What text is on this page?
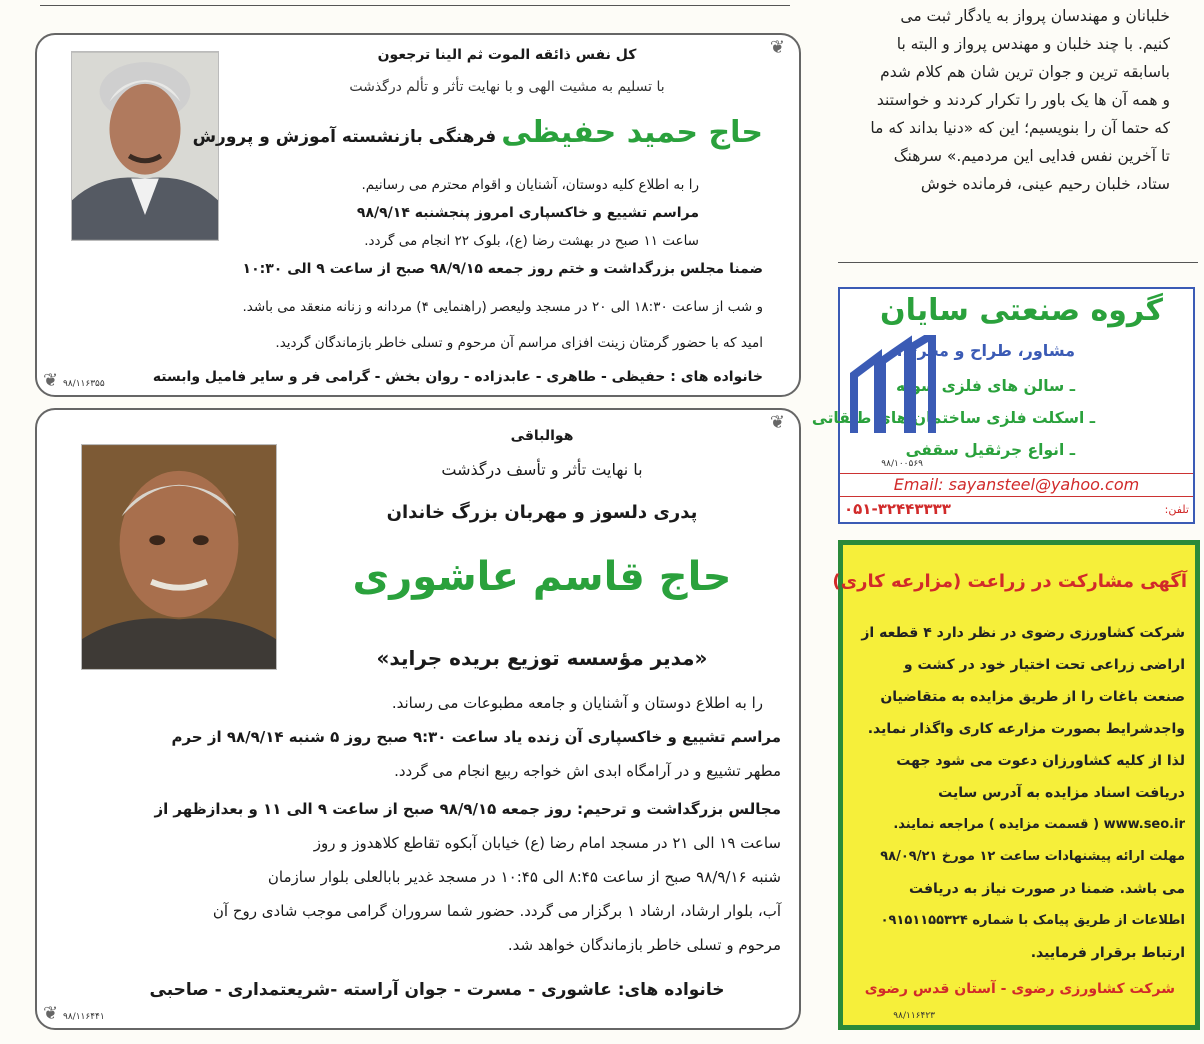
خلبانان و مهندسان پرواز به یادگار ثبت می

کنیم. با چند خلبان و مهندس پرواز و البته با

باسابقه ترین و جوان ترین شان هم کلام شدم

و همه آن ها یک باور را تکرار کردند و خواستند

که حتما آن را بنویسیم؛ این که «دنیا بداند که ما

تا آخرین نفس فدایی این مردمیم.» سرهنگ

ستاد، خلبان رحیم عینی، فرمانده خوش

❦
❦
کل نفس ذائقه الموت ثم الینا ترجعون
با تسلیم به مشیت الهی و با نهایت تأثر و تألم درگذشت
حاج حمید حفیظی فرهنگی بازنشسته آموزش و پرورش
را به اطلاع کلیه دوستان، آشنایان و اقوام محترم می رسانیم.
مراسم تشییع و خاکسپاری امروز پنجشنبه ۹۸/۹/۱۴
ساعت ۱۱ صبح در بهشت رضا (ع)، بلوک ۲۲ انجام می گردد.
ضمنا مجلس بزرگداشت و ختم روز جمعه ۹۸/۹/۱۵ صبح از ساعت ۹ الی ۱۰:۳۰
و شب از ساعت ۱۸:۳۰ الی ۲۰ در مسجد ولیعصر (راهنمایی ۴) مردانه و زنانه منعقد می باشد.
امید که با حضور گرمتان زینت افزای مراسم آن مرحوم و تسلی خاطر بازماندگان گردید.
خانواده های : حفیظی - طاهری - عابدزاده - روان بخش - گرامی فر و سایر فامیل وابسته
۹۸/۱۱۶۳۵۵
❦
❦
هوالباقی
با نهایت تأثر و تأسف درگذشت
پدری دلسوز و مهربان بزرگ خاندان
حاج قاسم عاشوری
«مدیر مؤسسه توزیع بریده جراید»
را به اطلاع دوستان و آشنایان و جامعه مطبوعات می رساند.
مراسم تشییع و خاکسپاری آن زنده یاد ساعت ۹:۳۰ صبح روز ۵ شنبه ۹۸/۹/۱۴ از حرم
مطهر تشییع و در آرامگاه ابدی اش خواجه ربیع انجام می گردد.
مجالس بزرگداشت و ترحیم: روز جمعه ۹۸/۹/۱۵ صبح از ساعت ۹ الی ۱۱ و بعدازظهر از
ساعت ۱۹ الی ۲۱ در مسجد امام رضا (ع) خیابان آبکوه تقاطع کلاهدوز و روز
شنبه ۹۸/۹/۱۶ صبح از ساعت ۸:۴۵ الی ۱۰:۴۵ در مسجد غدیر بابالعلی بلوار سازمان
آب، بلوار ارشاد، ارشاد ۱ برگزار می گردد. حضور شما سروران گرامی موجب شادی روح آن
مرحوم و تسلی خاطر بازماندگان خواهد شد.
خانواده های: عاشوری - مسرت - جوان آراسته -شریعتمداری - صاحبی
۹۸/۱۱۶۴۴۱
گروه صنعتی سایان
مشاور، طراح و مجری:
ـ سالن های فلزی سوله
ـ اسکلت فلزی ساختمان های طبقاتی
ـ انواع جرثقیل سقفی
۹۸/۱۰۰۵۶۹
Email: sayansteel@yahoo.com
۰۵۱-۳۲۴۴۳۳۳۳	تلفن:
آگهی مشارکت در زراعت (مزارعه کاری)
شرکت کشاورزی رضوی در نظر دارد ۴ قطعه از
اراضی زراعی تحت اختیار خود در کشت و
صنعت باغات را از طریق مزایده به متقاضیان
واجدشرایط بصورت مزارعه کاری واگذار نماید.
لذا از کلیه کشاورزان دعوت می شود جهت
دریافت اسناد مزایده به آدرس سایت
www.seo.ir ( قسمت مزایده ) مراجعه نمایند.
مهلت ارائه پیشنهادات ساعت ۱۲ مورخ ۹۸/۰۹/۲۱
می باشد. ضمنا در صورت نیاز به دریافت
اطلاعات از طریق پیامک با شماره ۰۹۱۵۱۱۵۵۳۲۴
ارتباط برقرار فرمایید.
شرکت کشاورزی رضوی - آستان قدس رضوی
۹۸/۱۱۶۴۲۳
